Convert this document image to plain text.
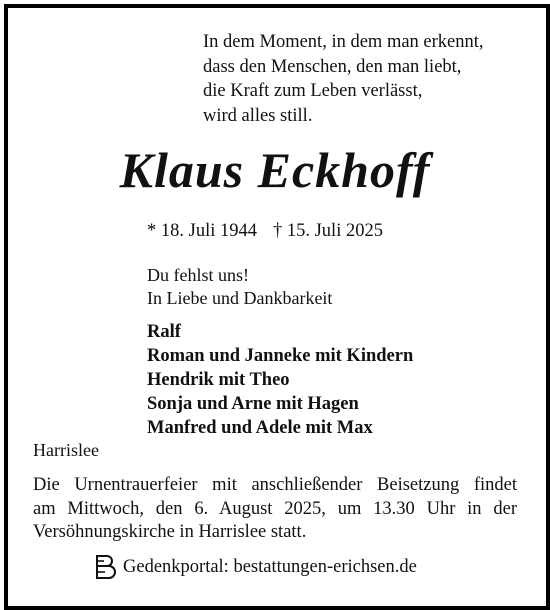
In dem Moment, in dem man erkennt,
dass den Menschen, den man liebt,
die Kraft zum Leben verlässt,
wird alles still.
Klaus Eckhoff
* 18. Juli 1944 † 15. Juli 2025
Du fehlst uns!
In Liebe und Dankbarkeit
Ralf
Roman und Janneke mit Kindern
Hendrik mit Theo
Sonja und Arne mit Hagen
Manfred und Adele mit Max
Harrislee
Die Urnentrauerfeier mit anschließender Beisetzung findet
am Mittwoch, den 6. August 2025, um 13.30 Uhr in der
Versöhnungskirche in Harrislee statt.
Gedenkportal: bestattungen-erichsen.de
